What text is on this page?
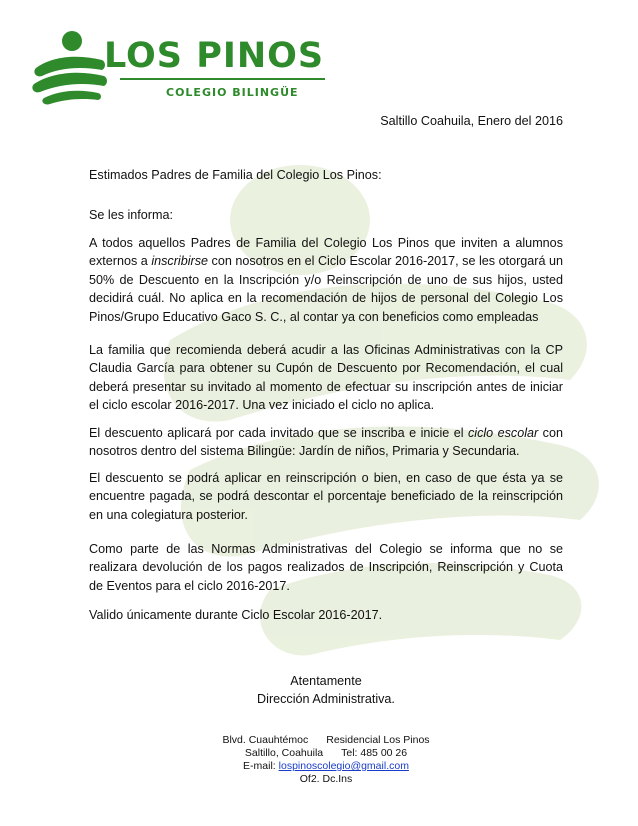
LOS PINOS
COLEGIO BILINGÜE
Saltillo Coahuila, Enero del 2016
Estimados Padres de Familia del Colegio Los Pinos:
Se les informa:

A todos aquellos Padres de Familia del Colegio Los Pinos que inviten a alumnos externos a inscribirse con nosotros en el Ciclo Escolar 2016-2017, se les otorgará un 50% de Descuento en la Inscripción y/o Reinscripción de uno de sus hijos, usted decidirá cuál. No aplica en la recomendación de hijos de personal del Colegio Los Pinos/Grupo Educativo Gaco S. C., al contar ya con beneficios como empleadas

La familia que recomienda deberá acudir a las Oficinas Administrativas con la CP Claudia García para obtener su Cupón de Descuento por Recomendación, el cual deberá presentar su invitado al momento de efectuar su inscripción antes de iniciar el ciclo escolar 2016-2017. Una vez iniciado el ciclo no aplica.

El descuento aplicará por cada invitado que se inscriba e inicie el ciclo escolar con nosotros dentro del sistema Bilingüe: Jardín de niños, Primaria y Secundaria.

El descuento se podrá aplicar en reinscripción o bien, en caso de que ésta ya se encuentre pagada, se podrá descontar el porcentaje beneficiado de la reinscripción en una colegiatura posterior.

Como parte de las Normas Administrativas del Colegio se informa que no se realizara devolución de los pagos realizados de Inscripción, Reinscripción y Cuota de Eventos para el ciclo 2016-2017.

Valido únicamente durante Ciclo Escolar 2016-2017.

Atentamente
Dirección Administrativa.
Blvd. Cuauhtémoc Residencial Los Pinos
Saltillo, Coahuila Tel: 485 00 26
E-mail: lospinoscolegio@gmail.com
Of2. Dc.Ins
